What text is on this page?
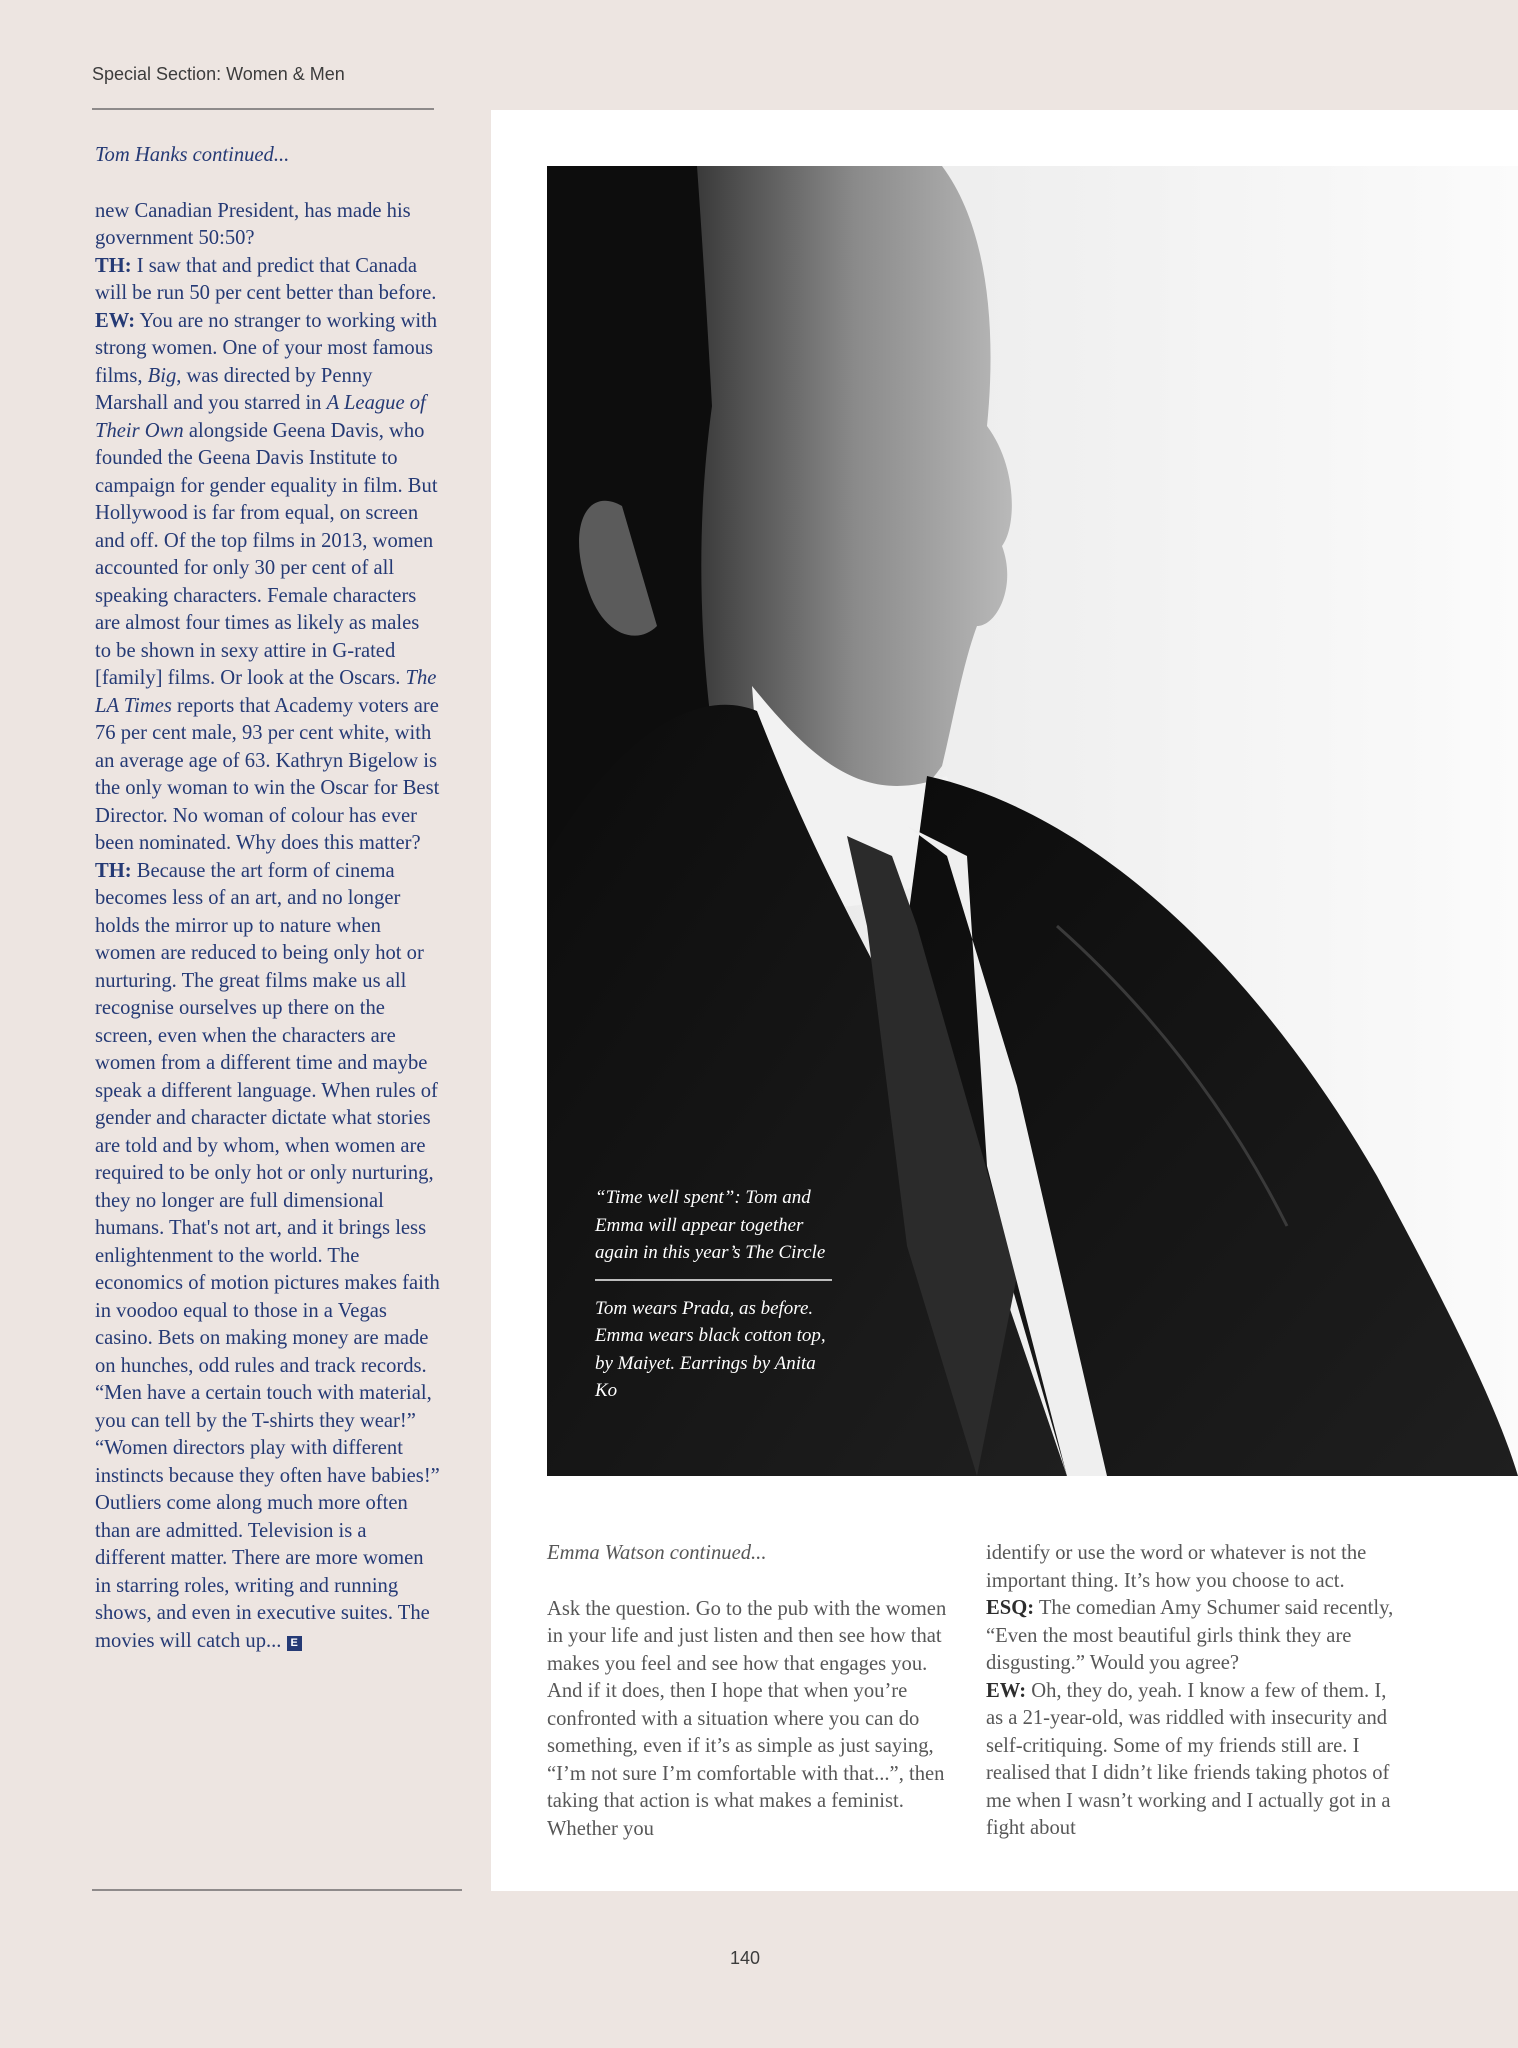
Special Section: Women & Men

Tom Hanks continued...

new Canadian President, has made his government 50:50?
TH: I saw that and predict that Canada will be run 50 per cent better than before.
EW: You are no stranger to working with strong women. One of your most famous films, Big, was directed by Penny Marshall and you starred in A League of Their Own alongside Geena Davis, who founded the Geena Davis Institute to campaign for gender equality in film. But Hollywood is far from equal, on screen and off. Of the top films in 2013, women accounted for only 30 per cent of all speaking characters. Female characters are almost four times as likely as males to be shown in sexy attire in G-rated [family] films. Or look at the Oscars. The LA Times reports that Academy voters are 76 per cent male, 93 per cent white, with an average age of 63. Kathryn Bigelow is the only woman to win the Oscar for Best Director. No woman of colour has ever been nominated. Why does this matter?
TH: Because the art form of cinema becomes less of an art, and no longer holds the mirror up to nature when women are reduced to being only hot or nurturing. The great films make us all recognise ourselves up there on the screen, even when the characters are women from a different time and maybe speak a different language. When rules of gender and character dictate what stories are told and by whom, when women are required to be only hot or only nurturing, they no longer are full dimensional humans. That's not art, and it brings less enlightenment to the world. The economics of motion pictures makes faith in voodoo equal to those in a Vegas casino. Bets on making money are made on hunches, odd rules and track records. “Men have a certain touch with material, you can tell by the T-shirts they wear!” “Women directors play with different instincts because they often have babies!” Outliers come along much more often than are admitted. Television is a different matter. There are more women in starring roles, writing and running shows, and even in executive suites. The movies will catch up... E

“Time well spent”: Tom and Emma will appear together again in this year’s The Circle

Tom wears Prada, as before. Emma wears black cotton top, by Maiyet. Earrings by Anita Ko

Emma Watson continued...

Ask the question. Go to the pub with the women in your life and just listen and then see how that makes you feel and see how that engages you. And if it does, then I hope that when you’re confronted with a situation where you can do something, even if it’s as simple as just saying, “I’m not sure I’m comfortable with that...”, then taking that action is what makes a feminist. Whether you

identify or use the word or whatever is not the important thing. It’s how you choose to act.
ESQ: The comedian Amy Schumer said recently, “Even the most beautiful girls think they are disgusting.” Would you agree?
EW: Oh, they do, yeah. I know a few of them. I, as a 21-year-old, was riddled with insecurity and self-critiquing. Some of my friends still are. I realised that I didn’t like friends taking photos of me when I wasn’t working and I actually got in a fight about

140
